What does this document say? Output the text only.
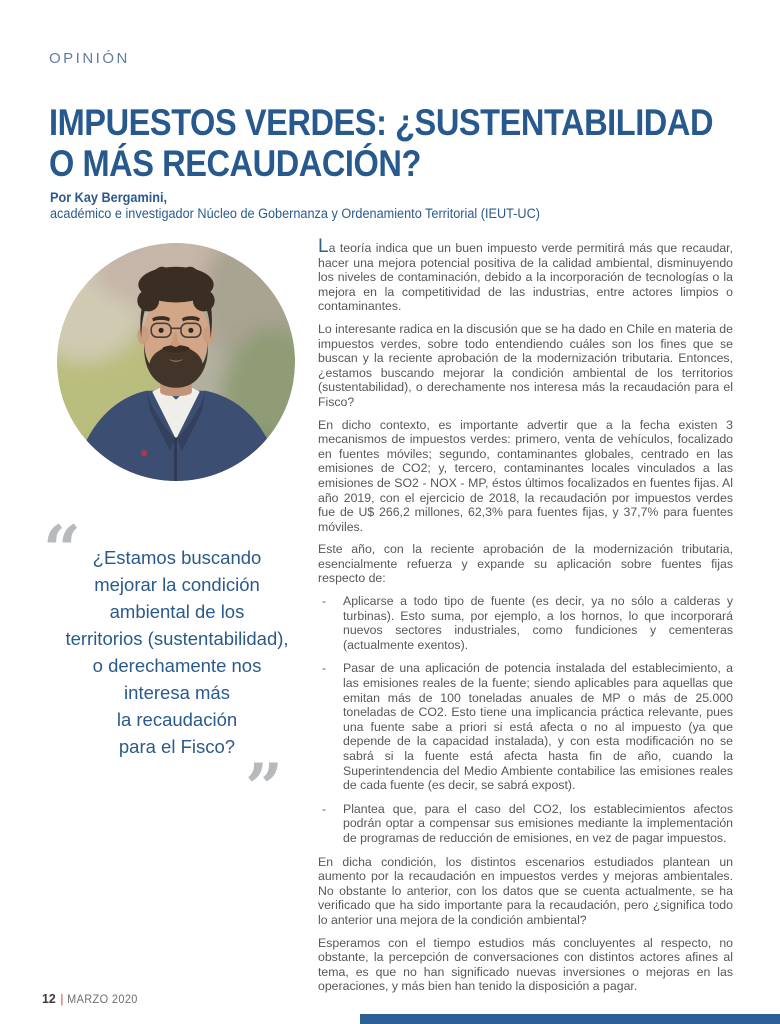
OPINIÓN
IMPUESTOS VERDES: ¿SUSTENTABILIDAD O MÁS RECAUDACIÓN?
Por Kay Bergamini,
académico e investigador Núcleo de Gobernanza y Ordenamiento Territorial (IEUT-UC)
“ ¿Estamos buscando
mejorar la condición
ambiental de los
territorios (sustentabilidad),
o derechamente nos
interesa más
la recaudación
para el Fisco?
”

La teoría indica que un buen impuesto verde permitirá más que recaudar, hacer una mejora potencial positiva de la calidad ambiental, disminuyendo los niveles de contaminación, debido a la incorporación de tecnologías o la mejora en la competitividad de las industrias, entre actores limpios o contaminantes.

Lo interesante radica en la discusión que se ha dado en Chile en materia de impuestos verdes, sobre todo entendiendo cuáles son los fines que se buscan y la reciente aprobación de la modernización tributaria. Entonces, ¿estamos buscando mejorar la condición ambiental de los territorios (sustentabilidad), o derechamente nos interesa más la recaudación para el Fisco?

En dicho contexto, es importante advertir que a la fecha existen 3 mecanismos de impuestos verdes: primero, venta de vehículos, focalizado en fuentes móviles; segundo, contaminantes globales, centrado en las emisiones de CO2; y, tercero, contaminantes locales vinculados a las emisiones de SO2 - NOX - MP, éstos últimos focalizados en fuentes fijas. Al año 2019, con el ejercicio de 2018, la recaudación por impuestos verdes fue de U$ 266,2 millones, 62,3% para fuentes fijas, y 37,7% para fuentes móviles.

Este año, con la reciente aprobación de la modernización tributaria, esencialmente refuerza y expande su aplicación sobre fuentes fijas respecto de:

- Aplicarse a todo tipo de fuente (es decir, ya no sólo a calderas y turbinas). Esto suma, por ejemplo, a los hornos, lo que incorporará nuevos sectores industriales, como fundiciones y cementeras (actualmente exentos).
- Pasar de una aplicación de potencia instalada del establecimiento, a las emisiones reales de la fuente; siendo aplicables para aquellas que emitan más de 100 toneladas anuales de MP o más de 25.000 toneladas de CO2. Esto tiene una implicancia práctica relevante, pues una fuente sabe a priori si está afecta o no al impuesto (ya que depende de la capacidad instalada), y con esta modificación no se sabrá si la fuente está afecta hasta fin de año, cuando la Superintendencia del Medio Ambiente contabilice las emisiones reales de cada fuente (es decir, se sabrá expost).
- Plantea que, para el caso del CO2, los establecimientos afectos podrán optar a compensar sus emisiones mediante la implementación de programas de reducción de emisiones, en vez de pagar impuestos.

En dicha condición, los distintos escenarios estudiados plantean un aumento por la recaudación en impuestos verdes y mejoras ambientales. No obstante lo anterior, con los datos que se cuenta actualmente, se ha verificado que ha sido importante para la recaudación, pero ¿significa todo lo anterior una mejora de la condición ambiental?

Esperamos con el tiempo estudios más concluyentes al respecto, no obstante, la percepción de conversaciones con distintos actores afines al tema, es que no han significado nuevas inversiones o mejoras en las operaciones, y más bien han tenido la disposición a pagar.

12 | MARZO 2020
